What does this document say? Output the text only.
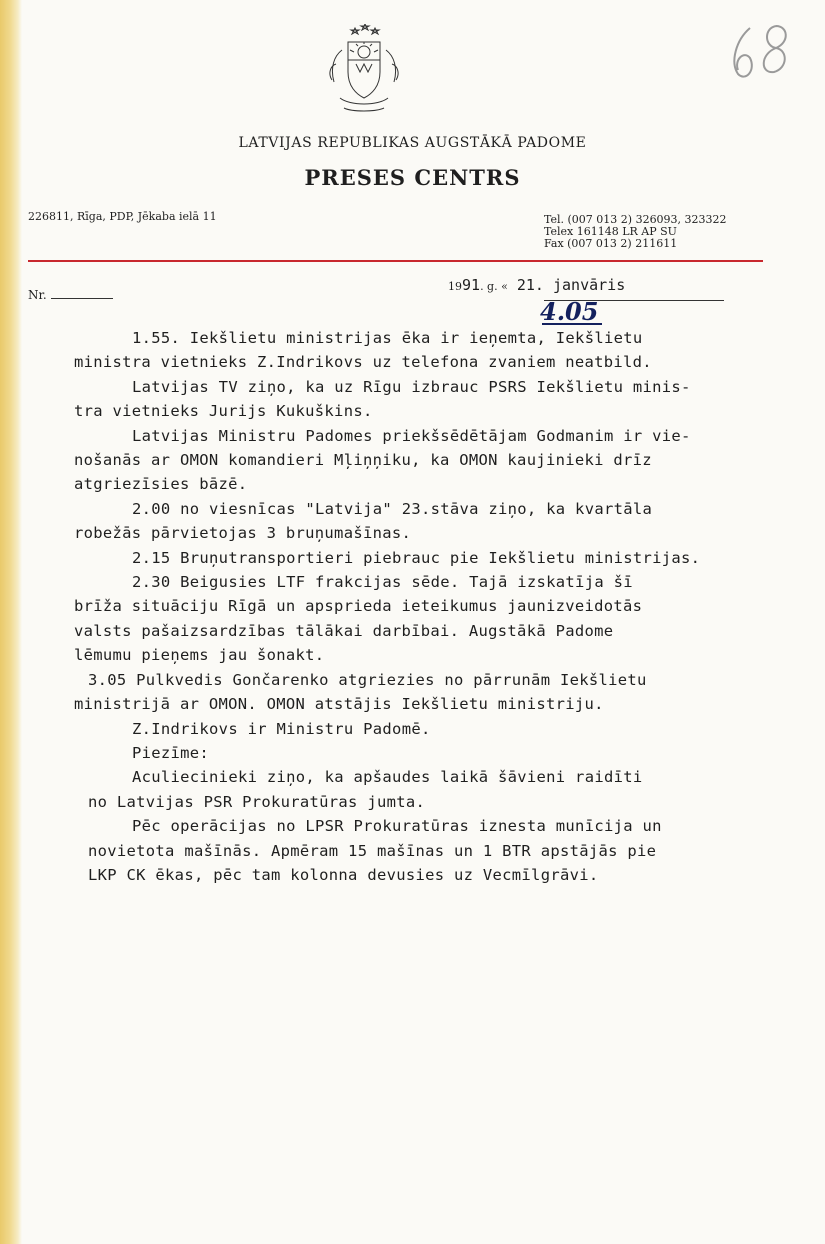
LATVIJAS REPUBLIKAS AUGSTĀKĀ PADOME
PRESES CENTRS
226811, Rīga, PDP, Jēkaba ielā 11	Tel. (007 013 2) 326093, 323322
Telex 161148 LR AP SU
Fax (007 013 2) 211611
Nr.
1991. g. « 21. janvāris
4.05

1.55. Iekšlietu ministrijas ēka ir ieņemta, Iekšlietu

ministra vietnieks Z.Indrikovs uz telefona zvaniem neatbild.

Latvijas TV ziņo, ka uz Rīgu izbrauc PSRS Iekšlietu minis-

tra vietnieks Jurijs Kukuškins.

Latvijas Ministru Padomes priekšsēdētājam Godmanim ir vie-

nošanās ar OMON komandieri Mļiņņiku, ka OMON kaujinieki drīz

atgriezīsies bāzē.

2.00 no viesnīcas "Latvija" 23.stāva ziņo, ka kvartāla

robežās pārvietojas 3 bruņumašīnas.

2.15 Bruņutransportieri piebrauc pie Iekšlietu ministrijas.

2.30 Beigusies LTF frakcijas sēde. Tajā izskatīja šī

brīža situāciju Rīgā un apsprieda ieteikumus jaunizveidotās

valsts pašaizsardzības tālākai darbībai. Augstākā Padome

lēmumu pieņems jau šonakt.

3.05 Pulkvedis Gončarenko atgriezies no pārrunām Iekšlietu

ministrijā ar OMON. OMON atstājis Iekšlietu ministriju.

Z.Indrikovs ir Ministru Padomē.

Piezīme:

Aculiecinieki ziņo, ka apšaudes laikā šāvieni raidīti

no Latvijas PSR Prokuratūras jumta.

Pēc operācijas no LPSR Prokuratūras iznesta munīcija un

novietota mašīnās. Apmēram 15 mašīnas un 1 BTR apstājās pie

LKP CK ēkas, pēc tam kolonna devusies uz Vecmīlgrāvi.
